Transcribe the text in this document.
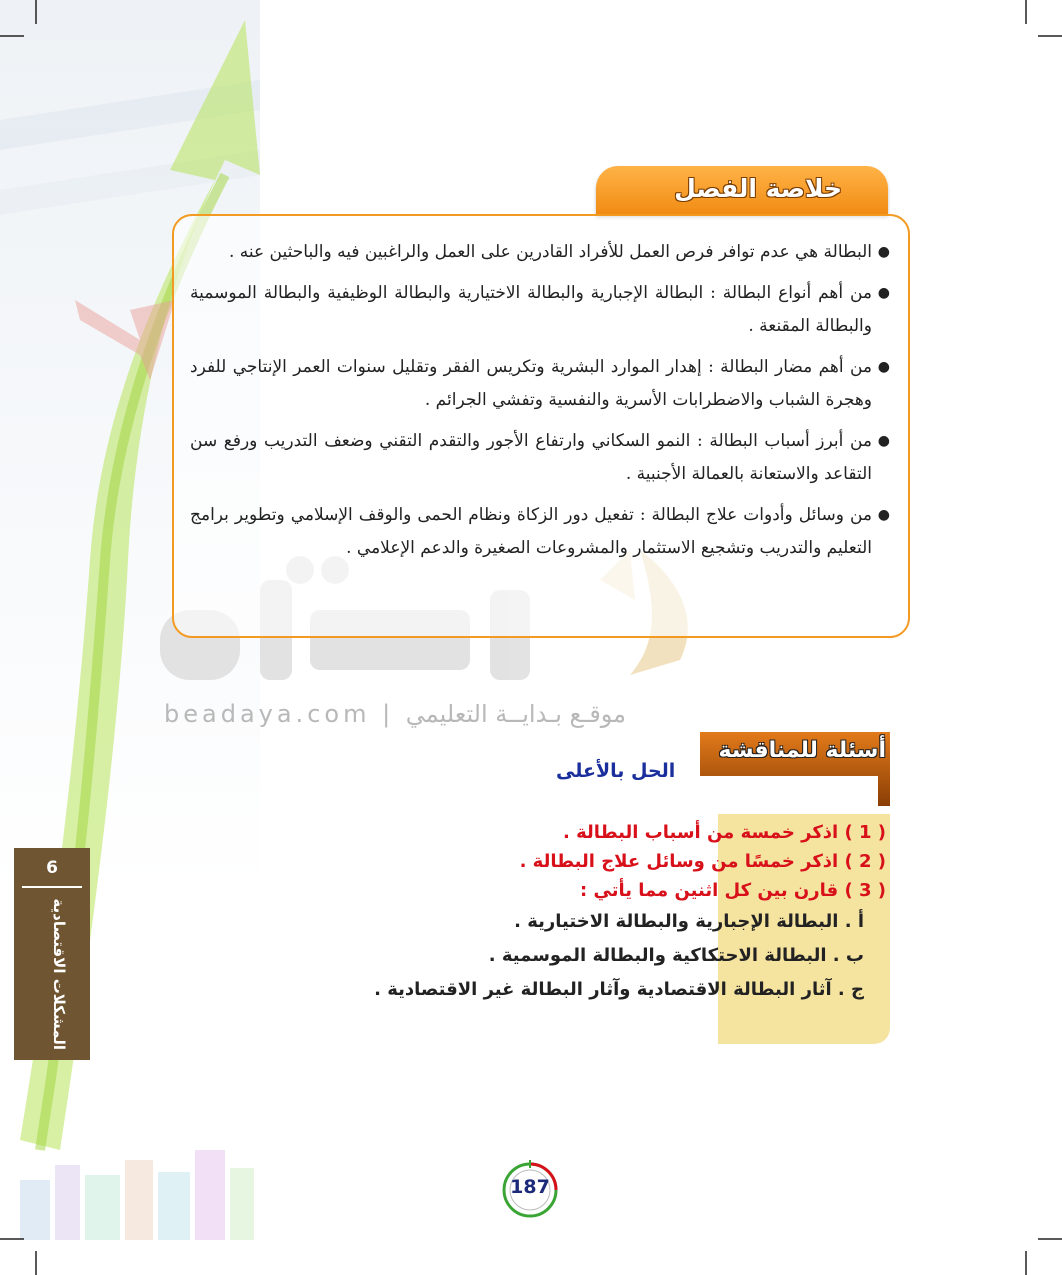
beadaya.com | موقـع بـدايــة التعليمي
خلاصة الفصل
●
البطالة هي عدم توافر فرص العمل للأفراد القادرين على العمل والراغبين فيه والباحثين عنه .
●
من أهم أنواع البطالة : البطالة الإجبارية والبطالة الاختيارية والبطالة الوظيفية والبطالة الموسمية والبطالة المقنعة .
●
من أهم مضار البطالة : إهدار الموارد البشرية وتكريس الفقر وتقليل سنوات العمر الإنتاجي للفرد وهجرة الشباب والاضطرابات الأسرية والنفسية وتفشي الجرائم .
●
من أبرز أسباب البطالة : النمو السكاني وارتفاع الأجور والتقدم التقني وضعف التدريب ورفع سن التقاعد والاستعانة بالعمالة الأجنبية .
●
من وسائل وأدوات علاج البطالة : تفعيل دور الزكاة ونظام الحمى والوقف الإسلامي وتطوير برامج التعليم والتدريب وتشجيع الاستثمار والمشروعات الصغيرة والدعم الإعلامي .
أسئلة للمناقشة
الحل بالأعلى
( 1 ) اذكر خمسة من أسباب البطالة .
( 2 ) اذكر خمسًا من وسائل علاج البطالة .
( 3 ) قارن بين كل اثنين مما يأتي :
أ . البطالة الإجبارية والبطالة الاختيارية .
ب . البطالة الاحتكاكية والبطالة الموسمية .
ج . آثار البطالة الاقتصادية وآثار البطالة غير الاقتصادية .
6
المشكلات الاقتصادية
187
